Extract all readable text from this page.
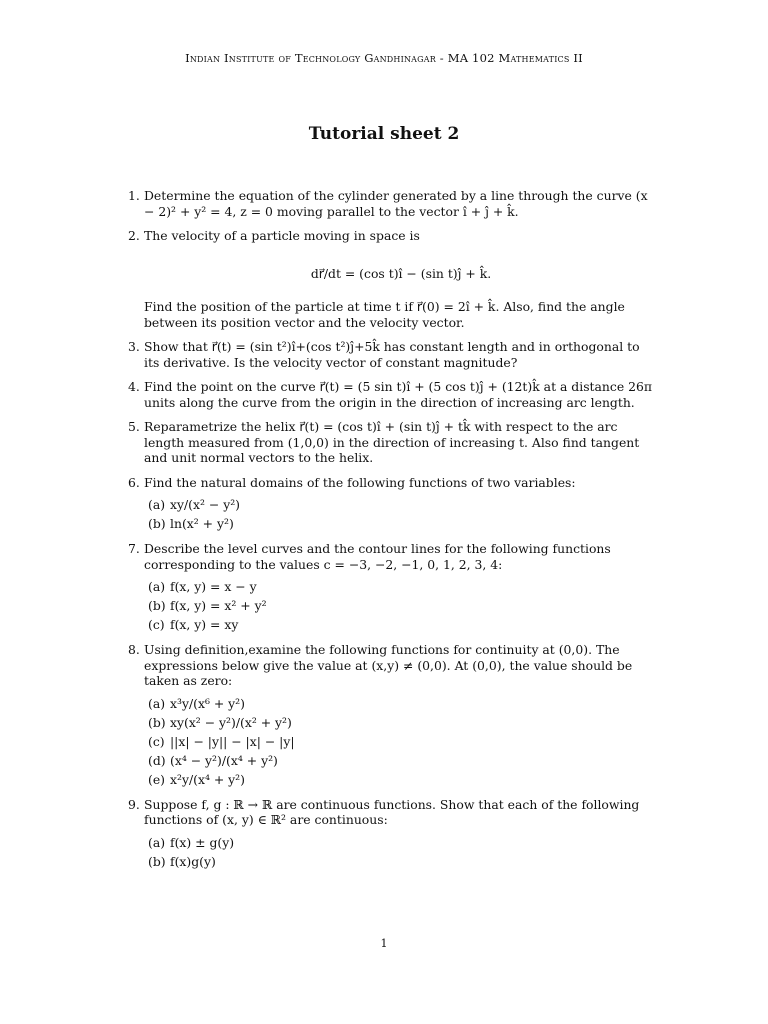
Indian Institute of Technology Gandhinagar - MA 102 Mathematics II
Tutorial sheet 2
1. Determine the equation of the cylinder generated by a line through the curve (x − 2)² + y² = 4, z = 0 moving parallel to the vector î + ĵ + k̂.

2. The velocity of a particle moving in space is

dr⃗/dt = (cos t)î − (sin t)ĵ + k̂.

Find the position of the particle at time t if r⃗(0) = 2î + k̂. Also, find the angle between its position vector and the velocity vector.

3. Show that r⃗(t) = (sin t²)î+(cos t²)ĵ+5k̂ has constant length and in orthogonal to its derivative. Is the velocity vector of constant magnitude?

4. Find the point on the curve r⃗(t) = (5 sin t)î + (5 cos t)ĵ + (12t)k̂ at a distance 26π units along the curve from the origin in the direction of increasing arc length.

5. Reparametrize the helix r⃗(t) = (cos t)î + (sin t)ĵ + tk̂ with respect to the arc length measured from (1,0,0) in the direction of increasing t. Also find tangent and unit normal vectors to the helix.

6. Find the natural domains of the following functions of two variables:

(a) xy/(x² − y²)
(b) ln(x² + y²)
7. Describe the level curves and the contour lines for the following functions corresponding to the values c = −3, −2, −1, 0, 1, 2, 3, 4:

(a) f(x, y) = x − y
(b) f(x, y) = x² + y²
(c) f(x, y) = xy
8. Using definition,examine the following functions for continuity at (0,0). The expressions below give the value at (x,y) ≠ (0,0). At (0,0), the value should be taken as zero:

(a) x³y/(x⁶ + y²)
(b) xy(x² − y²)/(x² + y²)
(c) ||x| − |y|| − |x| − |y|
(d) (x⁴ − y²)/(x⁴ + y²)
(e) x²y/(x⁴ + y²)
9. Suppose f, g : ℝ → ℝ are continuous functions. Show that each of the following functions of (x, y) ∈ ℝ² are continuous:

(a) f(x) ± g(y)
(b) f(x)g(y)
1
